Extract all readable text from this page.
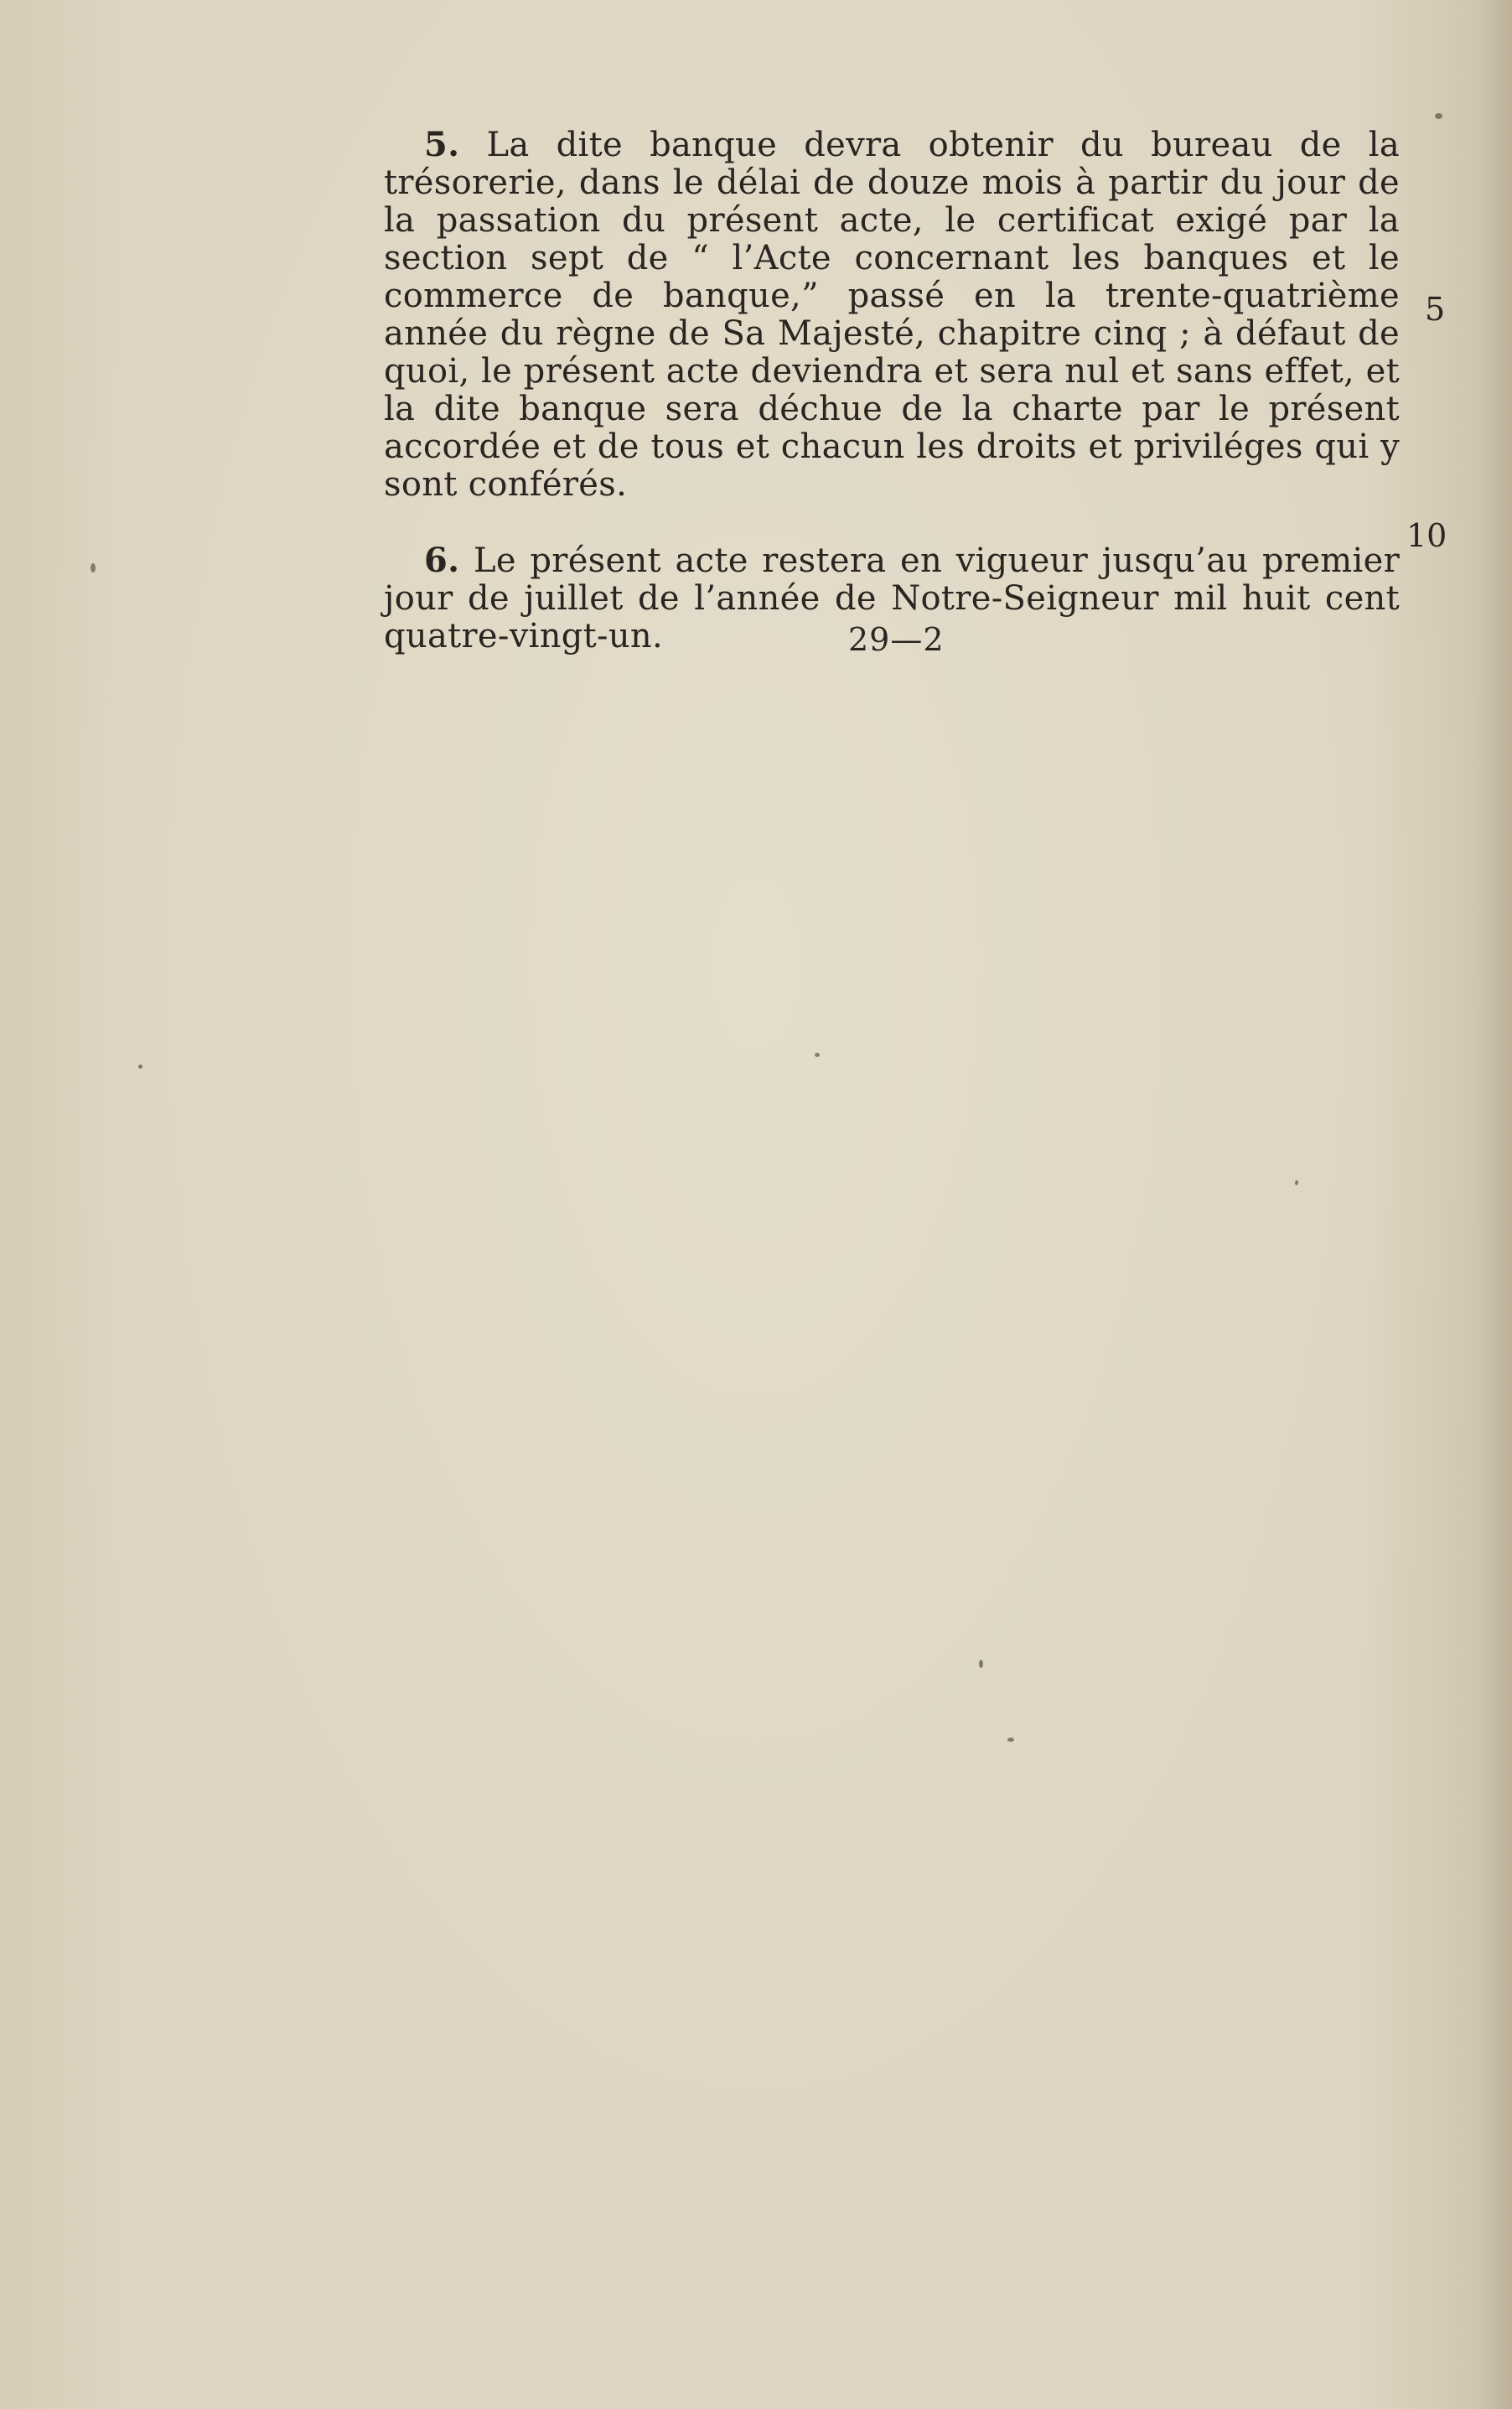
5. La dite banque devra obtenir du bureau de la trésorerie, dans le délai de douze mois à partir du jour de la passation du présent acte, le certificat exigé par la section sept de “ l’Acte concernant les banques et le commerce de banque,” passé en la trente-quatrième année du règne de Sa Majesté, chapitre cinq ; à défaut de quoi, le présent acte deviendra et sera nul et sans effet, et la dite banque sera déchue de la charte par le présent accordée et de tous et chacun les droits et priviléges qui y sont conférés.

6. Le présent acte restera en vigueur jusqu’au premier jour de juillet de l’année de Notre-Seigneur mil huit cent quatre-vingt-un.

5
10
29—2
